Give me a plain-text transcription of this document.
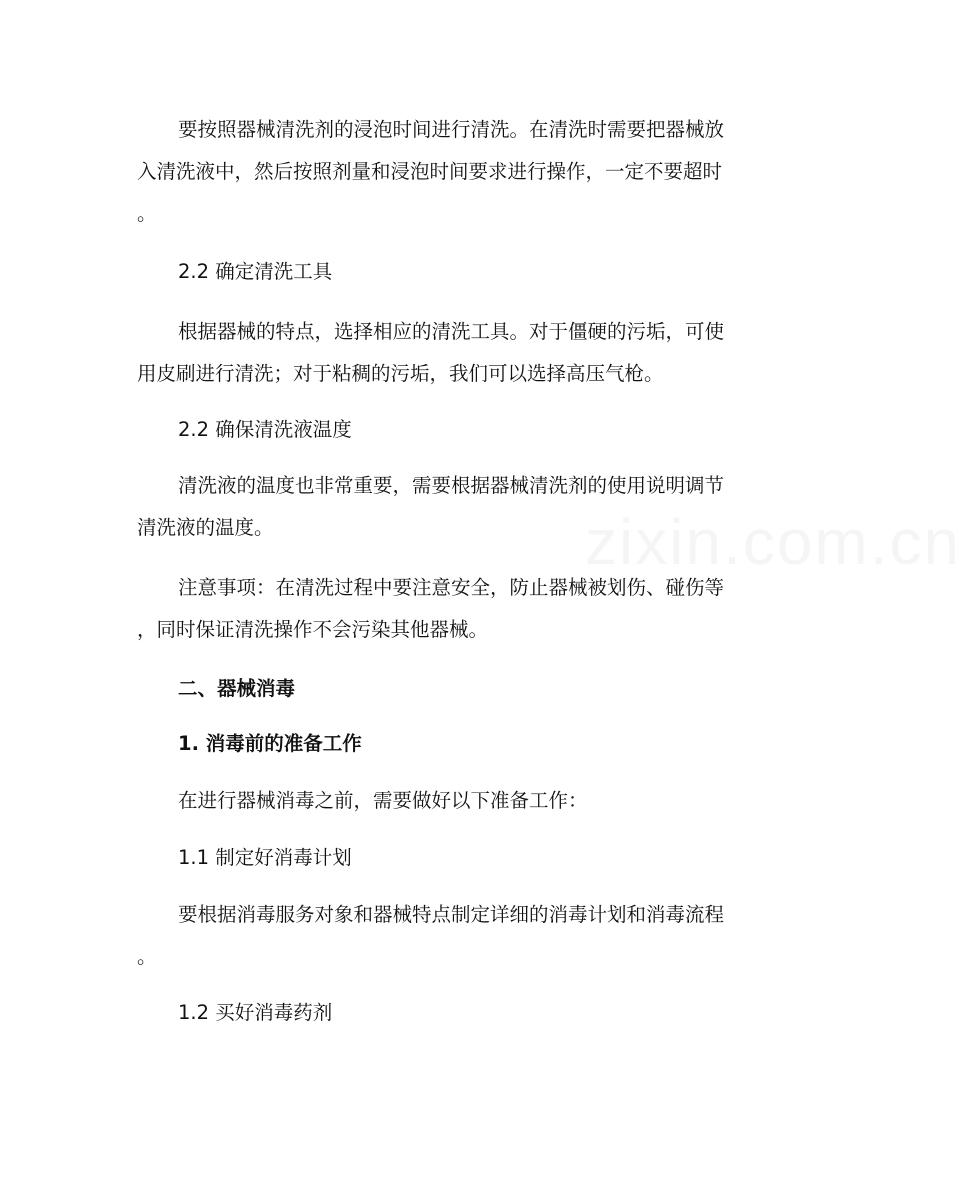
zixin.com.cn
要按照器械清洗剂的浸泡时间进行清洗。在清洗时需要把器械放
入清洗液中，然后按照剂量和浸泡时间要求进行操作，一定不要超时
。
2.2 确定清洗工具
根据器械的特点，选择相应的清洗工具。对于僵硬的污垢，可使
用皮刷进行清洗；对于粘稠的污垢，我们可以选择高压气枪。
2.2 确保清洗液温度
清洗液的温度也非常重要，需要根据器械清洗剂的使用说明调节
清洗液的温度。
注意事项：在清洗过程中要注意安全，防止器械被划伤、碰伤等
，同时保证清洗操作不会污染其他器械。
二、器械消毒
1. 消毒前的准备工作
在进行器械消毒之前，需要做好以下准备工作：
1.1 制定好消毒计划
要根据消毒服务对象和器械特点制定详细的消毒计划和消毒流程
。
1.2 买好消毒药剂
